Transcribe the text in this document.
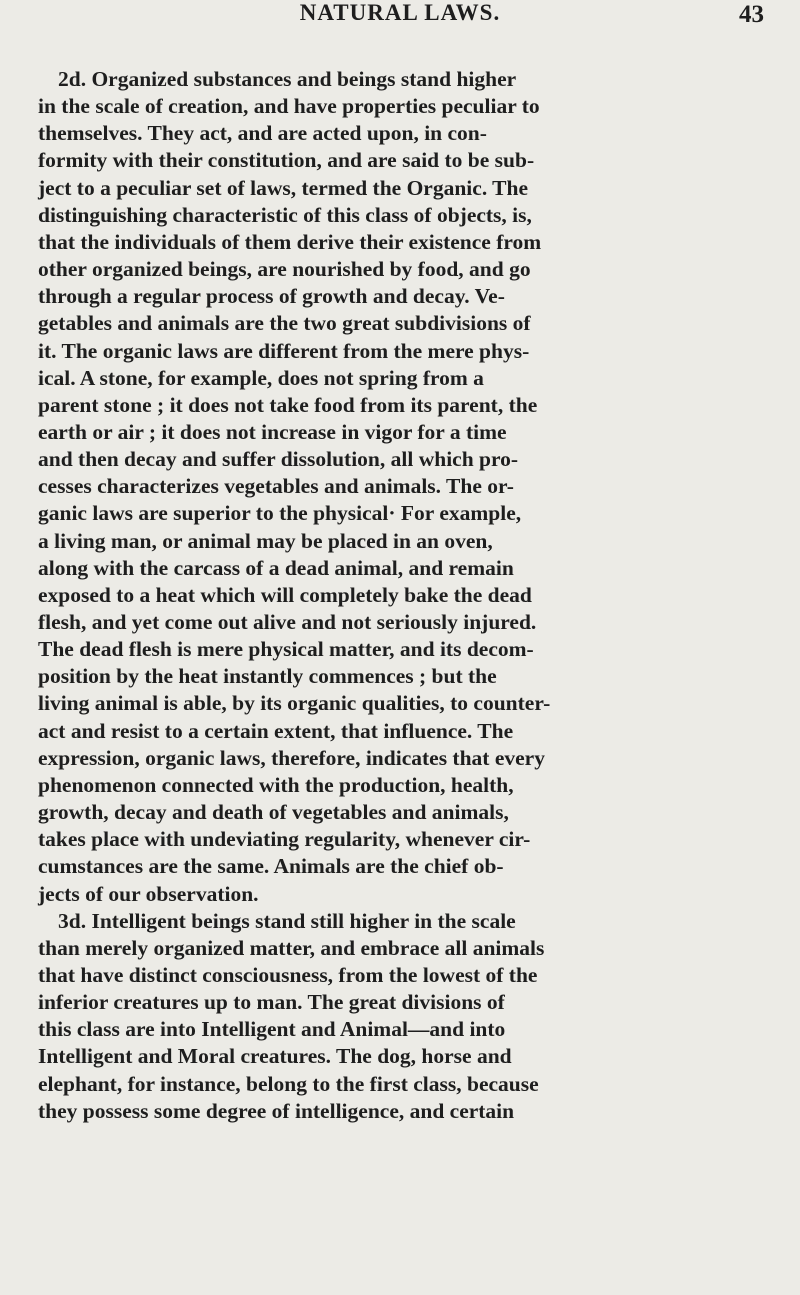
NATURAL LAWS.	43
2d. Organized substances and beings stand higher
in the scale of creation, and have properties peculiar to
themselves. They act, and are acted upon, in con-
formity with their constitution, and are said to be sub-
ject to a peculiar set of laws, termed the Organic. The
distinguishing characteristic of this class of objects, is,
that the individuals of them derive their existence from
other organized beings, are nourished by food, and go
through a regular process of growth and decay. Ve-
getables and animals are the two great subdivisions of
it. The organic laws are different from the mere phys-
ical. A stone, for example, does not spring from a
parent stone ; it does not take food from its parent, the
earth or air ; it does not increase in vigor for a time
and then decay and suffer dissolution, all which pro-
cesses characterizes vegetables and animals. The or-
ganic laws are superior to the physical· For example,
a living man, or animal may be placed in an oven,
along with the carcass of a dead animal, and remain
exposed to a heat which will completely bake the dead
flesh, and yet come out alive and not seriously injured.
The dead flesh is mere physical matter, and its decom-
position by the heat instantly commences ; but the
living animal is able, by its organic qualities, to counter-
act and resist to a certain extent, that influence. The
expression, organic laws, therefore, indicates that every
phenomenon connected with the production, health,
growth, decay and death of vegetables and animals,
takes place with undeviating regularity, whenever cir-
cumstances are the same. Animals are the chief ob-
jects of our observation.
3d. Intelligent beings stand still higher in the scale
than merely organized matter, and embrace all animals
that have distinct consciousness, from the lowest of the
inferior creatures up to man. The great divisions of
this class are into Intelligent and Animal—and into
Intelligent and Moral creatures. The dog, horse and
elephant, for instance, belong to the first class, because
they possess some degree of intelligence, and certain
